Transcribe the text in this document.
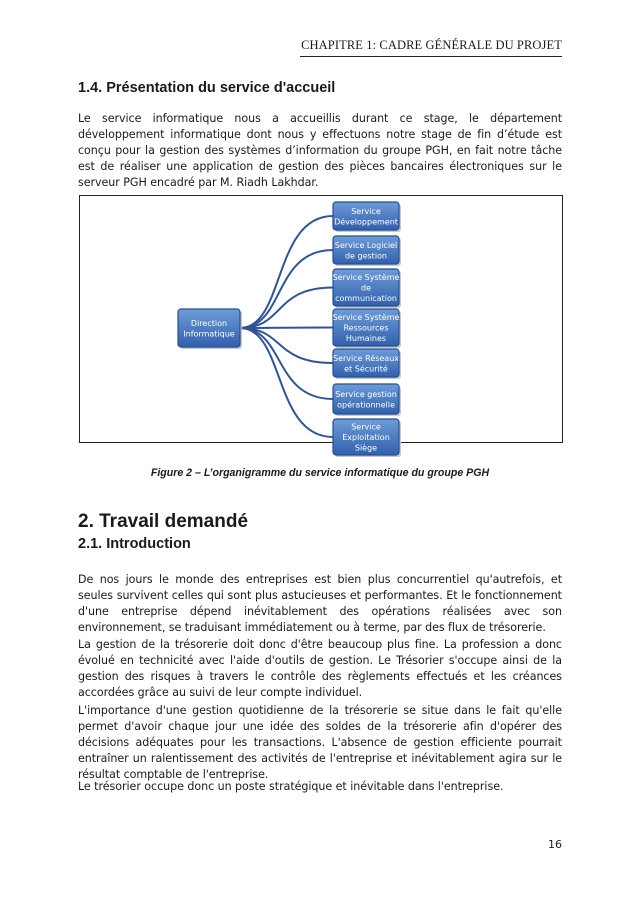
CHAPITRE 1: CADRE GÉNÉRALE DU PROJET
1.4. Présentation du service d'accueil
Le service informatique nous a accueillis durant ce stage, le département développement informatique dont nous y effectuons notre stage de fin d’étude est conçu pour la gestion des systèmes d’information du groupe PGH, en fait notre tâche est de réaliser une application de gestion des pièces bancaires électroniques sur le serveur PGH encadré par M. Riadh Lakhdar.
Direction
Informatique
Service
Développement
Service Logiciel
de gestion
Service Système
de
communication
Service Système
Ressources
Humaines
Service Réseaux
et Sécurité
Service gestion
opérationnelle
Service
Exploitation
Siège
Figure 2 – L’organigramme du service informatique du groupe PGH
2. Travail demandé
2.1. Introduction
De nos jours le monde des entreprises est bien plus concurrentiel qu'autrefois, et seules survivent celles qui sont plus astucieuses et performantes. Et le fonctionnement d'une entreprise dépend inévitablement des opérations réalisées avec son environnement, se traduisant immédiatement ou à terme, par des flux de trésorerie.
La gestion de la trésorerie doit donc d'être beaucoup plus fine. La profession a donc évolué en technicité avec l'aide d'outils de gestion. Le Trésorier s'occupe ainsi de la gestion des risques à travers le contrôle des règlements effectués et les créances accordées grâce au suivi de leur compte individuel.
L'importance d'une gestion quotidienne de la trésorerie se situe dans le fait qu'elle permet d'avoir chaque jour une idée des soldes de la trésorerie afin d'opérer des décisions adéquates pour les transactions. L'absence de gestion efficiente pourrait entraîner un ralentissement des activités de l'entreprise et inévitablement agira sur le résultat comptable de l'entreprise.
Le trésorier occupe donc un poste stratégique et inévitable dans l'entreprise.
16
